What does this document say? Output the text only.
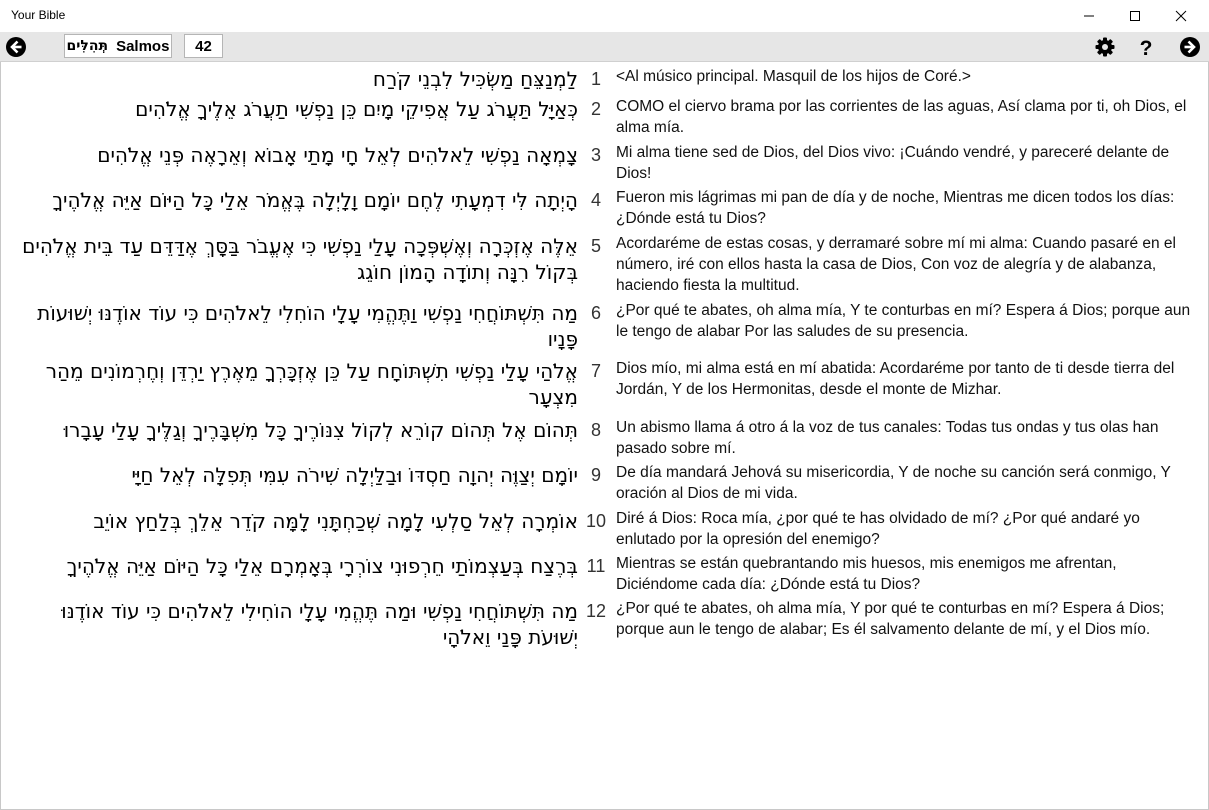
Your Bible
תְּהִלִּים Salmos	42	?
לַמְנַצֵּחַ מַשְׂכִּיל לִבְנֵי קֹרַח 1 <Al músico principal. Masquil de los hijos de Coré.>
כְּאַיָּל תַּעֲרֹג עַל אֲפִיקֵי מָיִם כֵּן נַפְשִׁי תַעֲרֹג אֵלֶיךָ אֱלֹהִים 2 COMO el ciervo brama por las corrientes de las aguas, Así clama por ti, oh Dios, el alma mía.
צָמְאָה נַפְשִׁי לֵאלֹהִים לְאֵל חָי מָתַי אָבוֹא וְאֵרָאֶה פְּנֵי אֱלֹהִים 3 Mi alma tiene sed de Dios, del Dios vivo: ¡Cuándo vendré, y pareceré delante de Dios!
הָיְתָה לִּי דִמְעָתִי לֶחֶם יוֹמָם וָלָיְלָה בֶּאֱמֹר אֵלַי כָּל הַיּוֹם אַיֵּה אֱלֹהֶיךָ 4 Fueron mis lágrimas mi pan de día y de noche, Mientras me dicen todos los días: ¿Dónde está tu Dios?
אֵלֶּה אֶזְכְּרָה וְאֶשְׁפְּכָה עָלַי נַפְשִׁי כִּי אֶעֱבֹר בַּסָּךְ אֶדַּדֵּם עַד בֵּית אֱלֹהִים בְּקוֹל רִנָּה וְתוֹדָה הָמוֹן חוֹגֵג
5 Acordaréme de estas cosas, y derramaré sobre mí mi alma: Cuando pasaré en el número, iré con ellos hasta la casa de Dios, Con voz de alegría y de alabanza, haciendo fiesta la multitud.
מַה תִּשְׁתּוֹחֲחִי נַפְשִׁי וַתֶּהֱמִי עָלָי הוֹחִלִי לֵאלֹהִים כִּי עוֹד אוֹדֶנּוּ יְשׁוּעוֹת פָּנָיו
6 ¿Por qué te abates, oh alma mía, Y te conturbas en mí? Espera á Dios; porque aun le tengo de alabar Por las saludes de su presencia.
אֱלֹהַי עָלַי נַפְשִׁי תִשְׁתּוֹחָח עַל כֵּן אֶזְכָּרְךָ מֵאֶרֶץ יַרְדֵּן וְחֶרְמוֹנִים מֵהַר מִצְעָר
7 Dios mío, mi alma está en mí abatida: Acordaréme por tanto de ti desde tierra del Jordán, Y de los Hermonitas, desde el monte de Mizhar.
תְּהוֹם אֶל תְּהוֹם קוֹרֵא לְקוֹל צִנּוֹרֶיךָ כָּל מִשְׁבָּרֶיךָ וְגַלֶּיךָ עָלַי עָבָרוּ 8 Un abismo llama á otro á la voz de tus canales: Todas tus ondas y tus olas han pasado sobre mí.
יוֹמָם יְצַוֶּה יְהוָה חַסְדּוֹ וּבַלַּיְלָה שִׁירֹה עִמִּי תְּפִלָּה לְאֵל חַיָּי 9 De día mandará Jehová su misericordia, Y de noche su canción será conmigo, Y oración al Dios de mi vida.
אוֹמְרָה לְאֵל סַלְעִי לָמָה שְׁכַחְתָּנִי לָמָּה קֹדֵר אֵלֵךְ בְּלַחַץ אוֹיֵב 10 Diré á Dios: Roca mía, ¿por qué te has olvidado de mí? ¿Por qué andaré yo enlutado por la opresión del enemigo?
בְּרֶצַח בְּעַצְמוֹתַי חֵרְפוּנִי צוֹרְרָי בְּאָמְרָם אֵלַי כָּל הַיּוֹם אַיֵּה אֱלֹהֶיךָ 11 Mientras se están quebrantando mis huesos, mis enemigos me afrentan, Diciéndome cada día: ¿Dónde está tu Dios?
מַה תִּשְׁתּוֹחֲחִי נַפְשִׁי וּמַה תֶּהֱמִי עָלָי הוֹחִילִי לֵאלֹהִים כִּי עוֹד אוֹדֶנּוּ יְשׁוּעֹת פָּנַי וֵאלֹהָי
12 ¿Por qué te abates, oh alma mía, Y por qué te conturbas en mí? Espera á Dios; porque aun le tengo de alabar; Es él salvamento delante de mí, y el Dios mío.
